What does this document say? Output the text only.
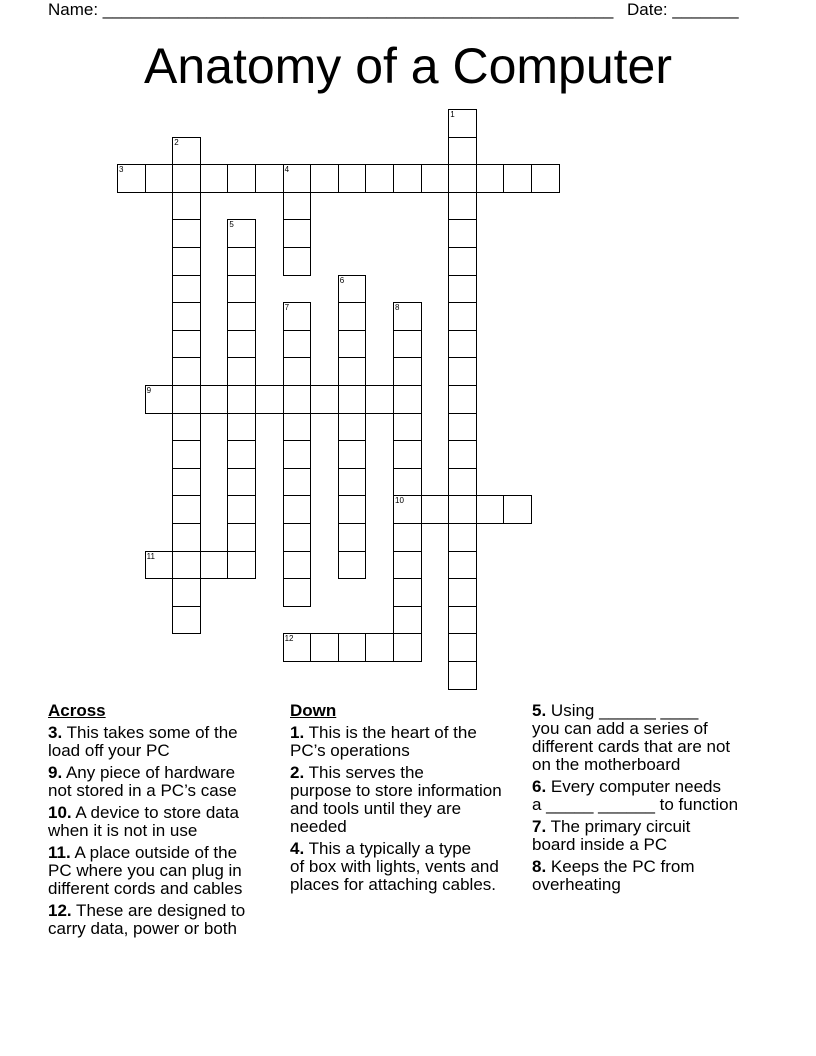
Name: ______________________________________________________ Date: _______
Anatomy of a Computer
1
2
3	4
5
6
7	8
10
9
11
12
Across
3. This takes some of the
load off your PC
9. Any piece of hardware
not stored in a PC’s case
10. A device to store data
when it is not in use
11. A place outside of the
PC where you can plug in
different cords and cables
12. These are designed to
carry data, power or both
Down
1. This is the heart of the
PC’s operations
2. This serves the
purpose to store information
and tools until they are
needed
4. This a typically a type
of box with lights, vents and
places for attaching cables.
5. Using ______ ____
you can add a series of
different cards that are not
on the motherboard
6. Every computer needs
a _____ ______ to function
7. The primary circuit
board inside a PC
8. Keeps the PC from
overheating
